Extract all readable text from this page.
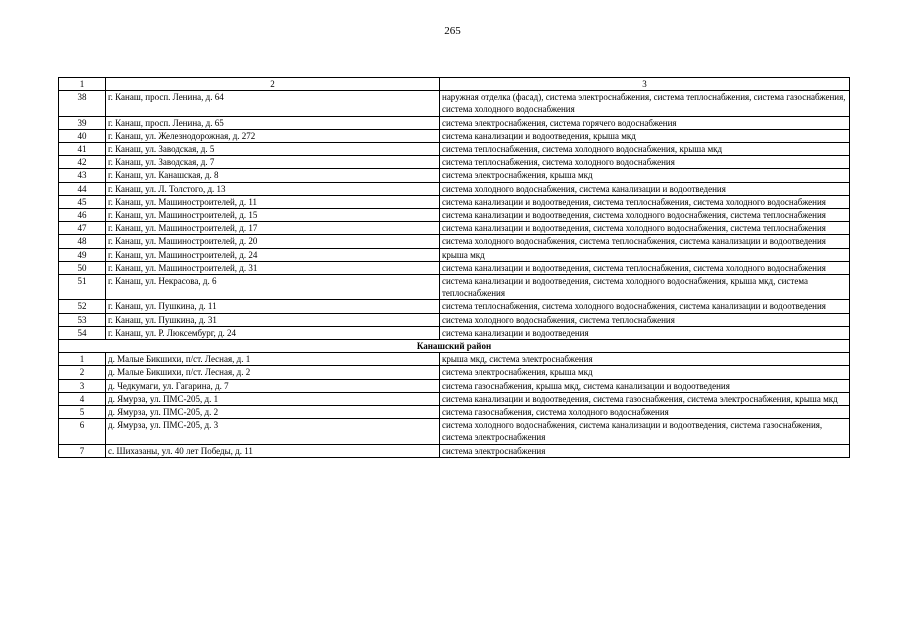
265
1	2	3
38	г. Канаш, просп. Ленина, д. 64	наружная отделка (фасад), система электроснабжения, система теплоснабжения, система газоснабжения, система холодного водоснабжения
39	г. Канаш, просп. Ленина, д. 65	система электроснабжения, система горячего водоснабжения
40	г. Канаш, ул. Железнодорожная, д. 272	система канализации и водоотведения, крыша мкд
41	г. Канаш, ул. Заводская, д. 5	система теплоснабжения, система холодного водоснабжения, крыша мкд
42	г. Канаш, ул. Заводская, д. 7	система теплоснабжения, система холодного водоснабжения
43	г. Канаш, ул. Канашская, д. 8	система электроснабжения, крыша мкд
44	г. Канаш, ул. Л. Толстого, д. 13	система холодного водоснабжения, система канализации и водоотведения
45	г. Канаш, ул. Машиностроителей, д. 11	система канализации и водоотведения, система теплоснабжения, система холодного водоснабжения
46	г. Канаш, ул. Машиностроителей, д. 15	система канализации и водоотведения, система холодного водоснабжения, система теплоснабжения
47	г. Канаш, ул. Машиностроителей, д. 17	система канализации и водоотведения, система холодного водоснабжения, система теплоснабжения
48	г. Канаш, ул. Машиностроителей, д. 20	система холодного водоснабжения, система теплоснабжения, система канализации и водоотведения
49	г. Канаш, ул. Машиностроителей, д. 24	крыша мкд
50	г. Канаш, ул. Машиностроителей, д. 31	система канализации и водоотведения, система теплоснабжения, система холодного водоснабжения
51	г. Канаш, ул. Некрасова, д. 6	система канализации и водоотведения, система холодного водоснабжения, крыша мкд, система теплоснабжения
52	г. Канаш, ул. Пушкина, д. 11	система теплоснабжения, система холодного водоснабжения, система канализации и водоотведения
53	г. Канаш, ул. Пушкина, д. 31	система холодного водоснабжения, система теплоснабжения
54	г. Канаш, ул. Р. Люксембург, д. 24	система канализации и водоотведения
Канашский район		
1	д. Малые Бикшихи, п/ст. Лесная, д. 1	крыша мкд, система электроснабжения
2	д. Малые Бикшихи, п/ст. Лесная, д. 2	система электроснабжения, крыша мкд
3	д. Чедкумаги, ул. Гагарина, д. 7	система газоснабжения, крыша мкд, система канализации и водоотведения
4	д. Ямурза, ул. ПМС-205, д. 1	система канализации и водоотведения, система газоснабжения, система электроснабжения, крыша мкд
5	д. Ямурза, ул. ПМС-205, д. 2	система газоснабжения, система холодного водоснабжения
6	д. Ямурза, ул. ПМС-205, д. 3	система холодного водоснабжения, система канализации и водоотведения, система газоснабжения, система электроснабжения
7	с. Шихазаны, ул. 40 лет Победы, д. 11	система электроснабжения
